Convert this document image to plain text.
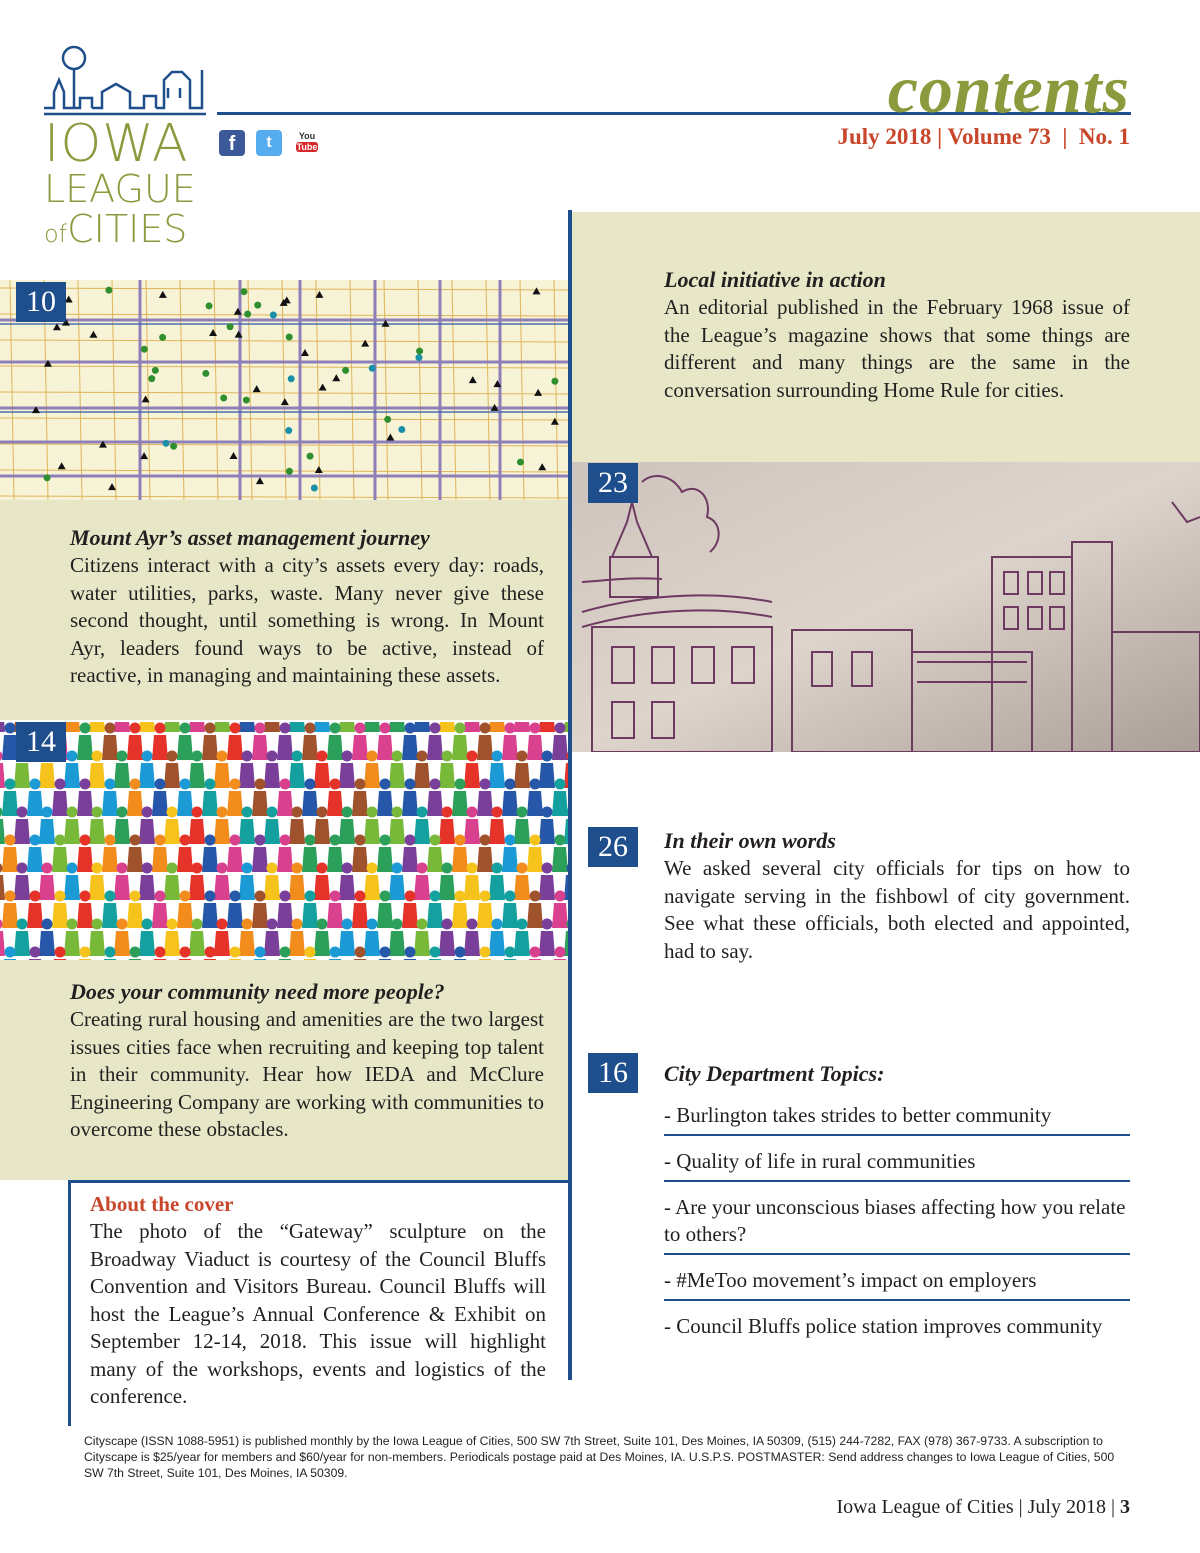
IOWA
LEAGUE
ofCITIES
f	t	You
Tube
contents
July 2018 | Volume 73  |  No. 1
10
14
23
26
16
Local initiative in action
An editorial published in the February 1968 issue of the League’s magazine shows that some things are different and many things are the same in the conversation surrounding Home Rule for cities.
Mount Ayr’s asset management journey
Citizens interact with a city’s assets every day: roads, water utilities, parks, waste. Many never give these second thought, until something is wrong. In Mount Ayr, leaders found ways to be active, instead of reactive, in managing and maintaining these assets.
In their own words
We asked several city officials for tips on how to navigate serving in the fishbowl of city government. See what these officials, both elected and appointed, had to say.
Does your community need more people?
Creating rural housing and amenities are the two largest issues cities face when recruiting and keeping top talent in their community. Hear how IEDA and McClure Engineering Company are working with communities to overcome these obstacles.
City Department Topics:
- Burlington takes strides to better community
- Quality of life in rural communities
- Are your unconscious biases affecting how you relate to others?
- #MeToo movement’s impact on employers
- Council Bluffs police station improves community
About the cover
The photo of the “Gateway” sculpture on the Broadway Viaduct is courtesy of the Council Bluffs Convention and Visitors Bureau. Council Bluffs will host the League’s Annual Conference & Exhibit on September 12-14, 2018. This issue will highlight many of the workshops, events and logistics of the conference.
Cityscape (ISSN 1088-5951) is published monthly by the Iowa League of Cities, 500 SW 7th Street, Suite 101, Des Moines, IA 50309, (515) 244-7282, FAX (978) 367-9733. A subscription to Cityscape is $25/year for members and $60/year for non-members. Periodicals postage paid at Des Moines, IA. U.S.P.S. POSTMASTER: Send address changes to Iowa League of Cities, 500 SW 7th Street, Suite 101, Des Moines, IA 50309.
Iowa League of Cities | July 2018 | 3
